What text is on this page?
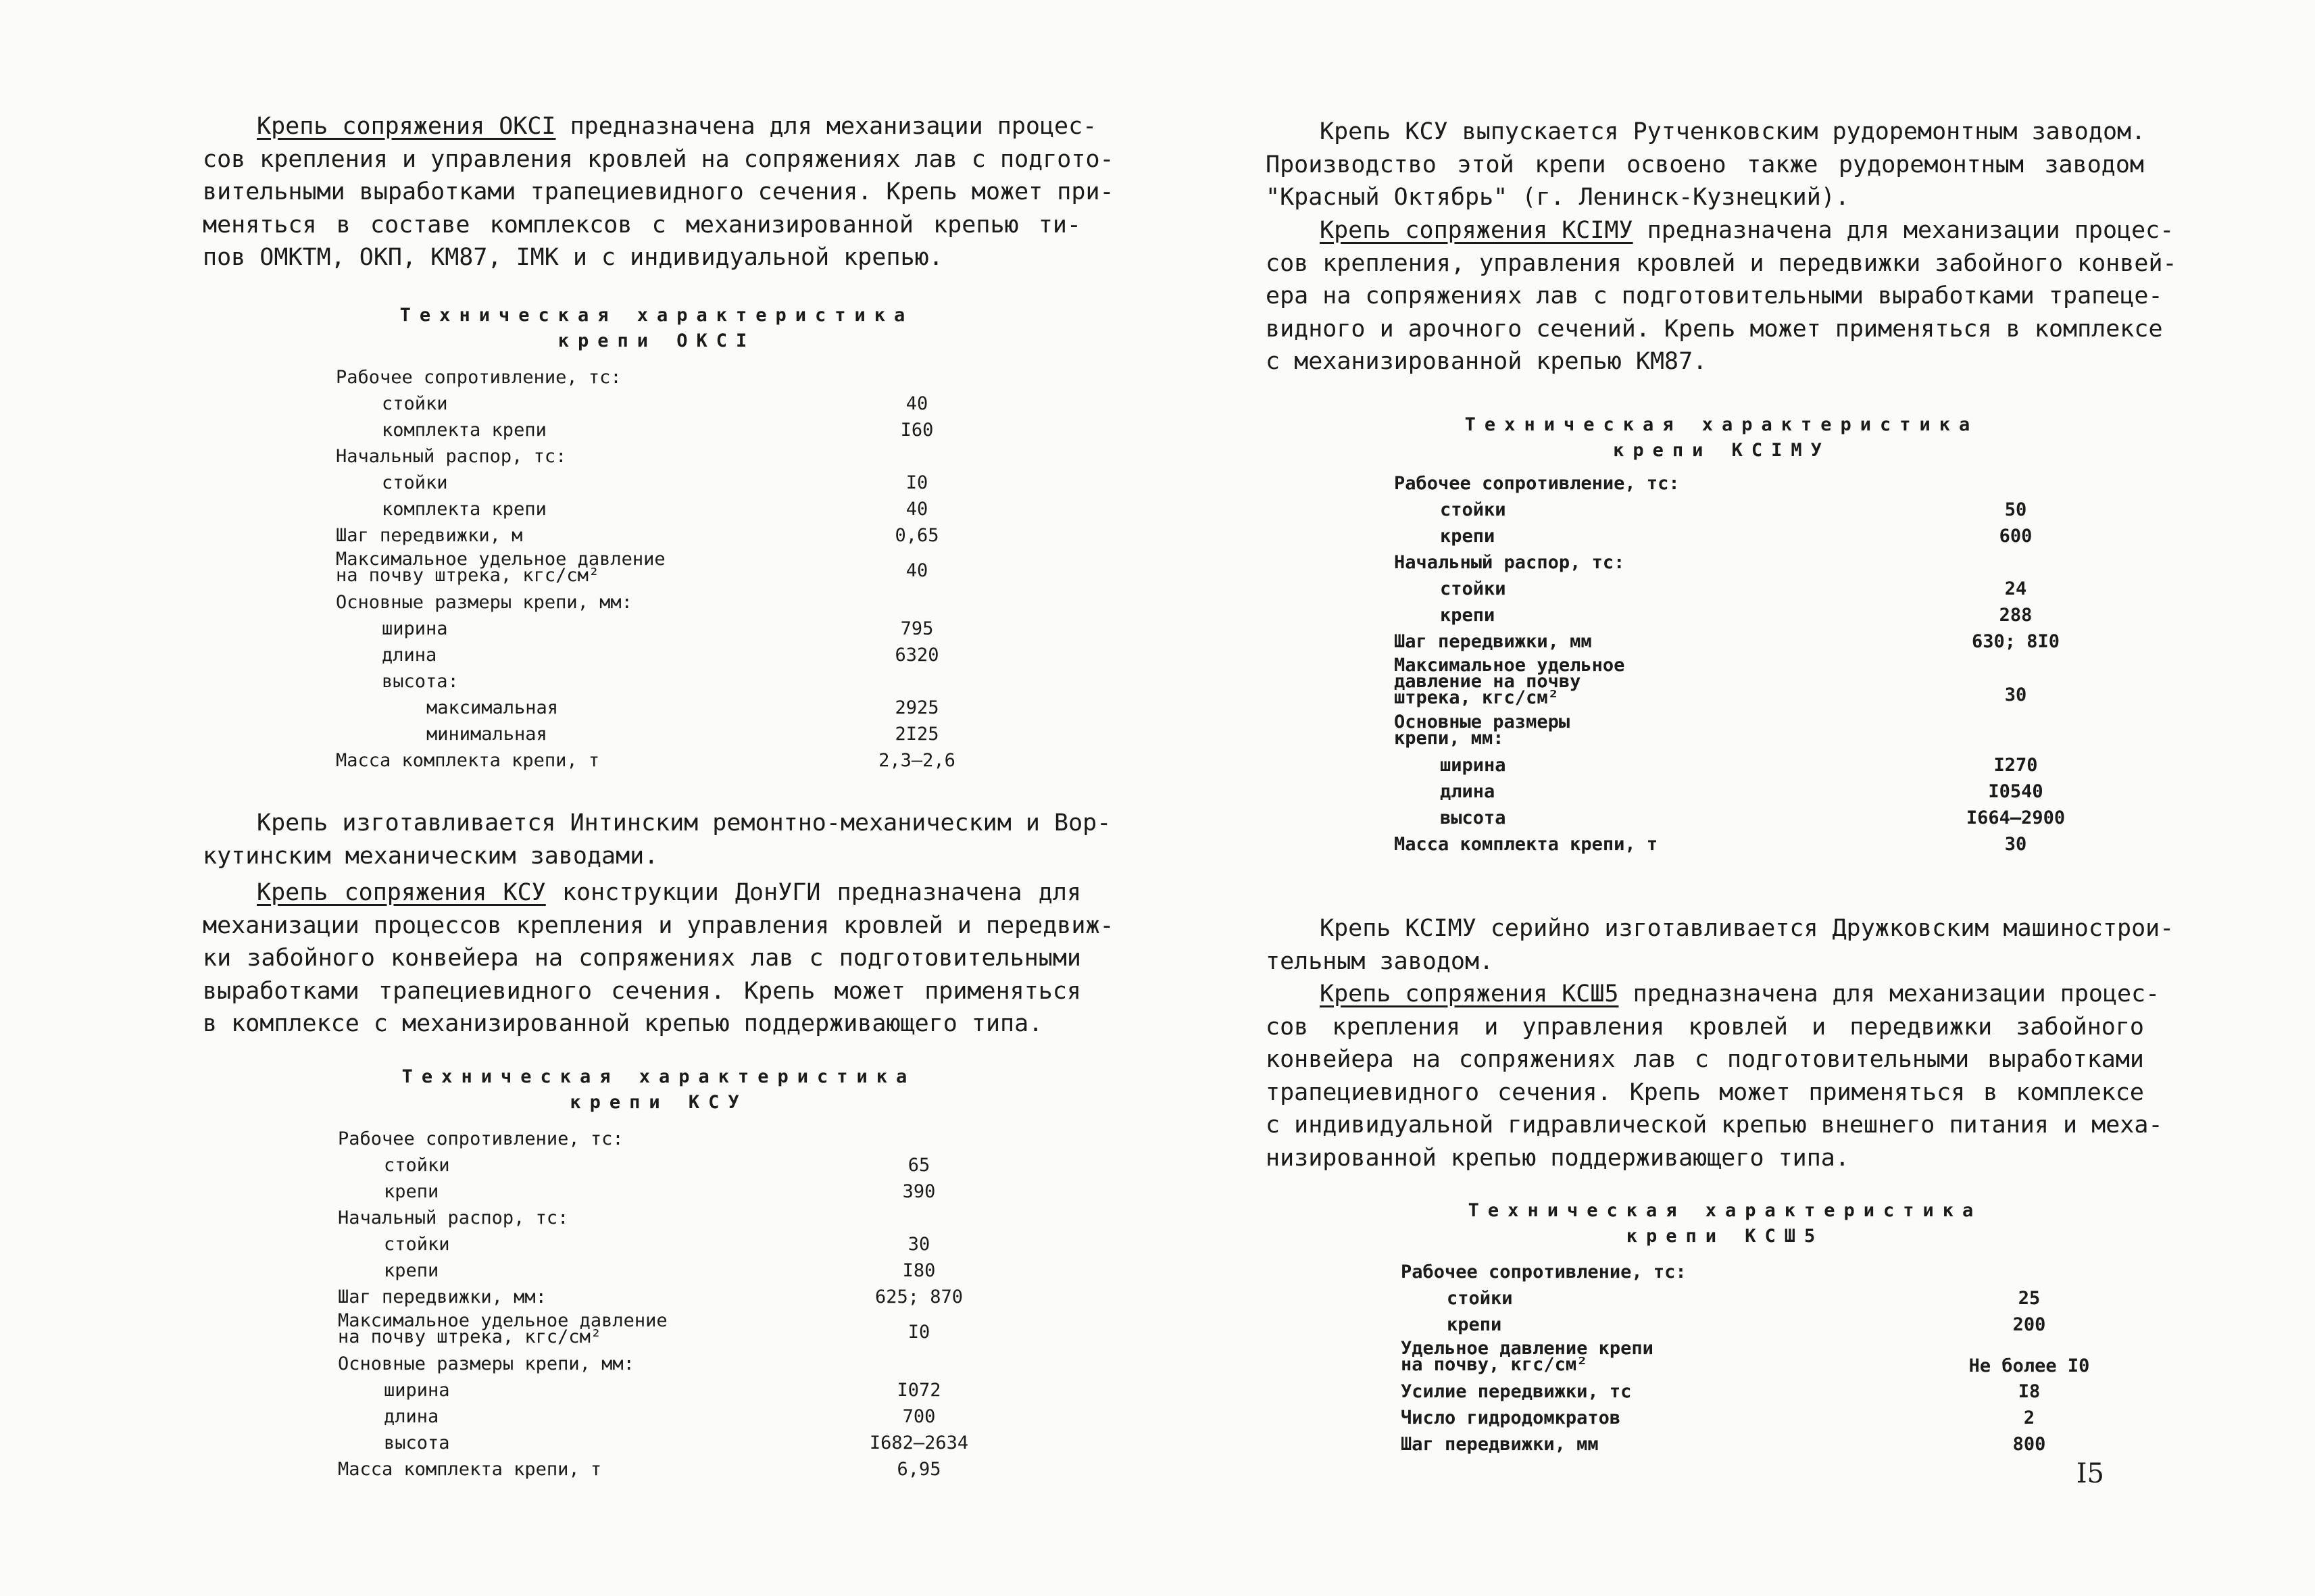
Крепь сопряжения ОКСI предназначена для механизации процес-
сов крепления и управления кровлей на сопряжениях лав с подгото-
вительными выработками трапециевидного сечения. Крепь может при-
меняться в составе комплексов с механизированной крепью ти-
пов ОМКТМ, ОКП, КМ87, IМК и с индивидуальной крепью.
Техническая характеристика
крепи ОКСI
Рабочее сопротивление, тс:
стойки	40
комплекта крепи	I60
Начальный распор, тс:
стойки	I0
комплекта крепи	40
Шаг передвижки, м	0,65
Максимальное удельное давление
на почву штрека, кгс/см²	40
Основные размеры крепи, мм:
ширина	795
длина	6320
высота:
максимальная	2925
минимальная	2I25
Масса комплекта крепи, т	2,3–2,6
Крепь изготавливается Интинским ремонтно-механическим и Вор-
кутинским механическим заводами.
Крепь сопряжения КСУ конструкции ДонУГИ предназначена для
механизации процессов крепления и управления кровлей и передвиж-
ки забойного конвейера на сопряжениях лав с подготовительными
выработками трапециевидного сечения. Крепь может применяться
в комплексе с механизированной крепью поддерживающего типа.
Техническая характеристика
крепи КСУ
Рабочее сопротивление, тс:
стойки	65
крепи	390
Начальный распор, тс:
стойки	30
крепи	I80
Шаг передвижки, мм:	625; 870
Максимальное удельное давление
на почву штрека, кгс/см²	I0
Основные размеры крепи, мм:
ширина	I072
длина	700
высота	I682–2634
Масса комплекта крепи, т	6,95
Крепь КСУ выпускается Рутченковским рудоремонтным заводом.
Производство этой крепи освоено также рудоремонтным заводом
"Красный Октябрь" (г. Ленинск-Кузнецкий).
Крепь сопряжения КСIМУ предназначена для механизации процес-
сов крепления, управления кровлей и передвижки забойного конвей-
ера на сопряжениях лав с подготовительными выработками трапеце-
видного и арочного сечений. Крепь может применяться в комплексе
с механизированной крепью КМ87.
Техническая характеристика
крепи КСIМУ
Рабочее сопротивление, тс:
стойки	50
крепи	600
Начальный распор, тс:
стойки	24
крепи	288
Шаг передвижки, мм	630; 8I0
Максимальное удельное
давление на почву
штрека, кгс/см²	30
Основные размеры
крепи, мм:
ширина	I270
длина	I0540
высота	I664–2900
Масса комплекта крепи, т	30
Крепь КСIМУ серийно изготавливается Дружковским машинострои-
тельным заводом.
Крепь сопряжения КСШ5 предназначена для механизации процес-
сов крепления и управления кровлей и передвижки забойного
конвейера на сопряжениях лав с подготовительными выработками
трапециевидного сечения. Крепь может применяться в комплексе
с индивидуальной гидравлической крепью внешнего питания и меха-
низированной крепью поддерживающего типа.
Техническая характеристика
крепи КСШ5
Рабочее сопротивление, тс:
стойки	25
крепи	200
Удельное давление крепи
на почву, кгс/см²	Не более I0
Усилие передвижки, тс	I8
Число гидродомкратов	2
Шаг передвижки, мм	800
I5
